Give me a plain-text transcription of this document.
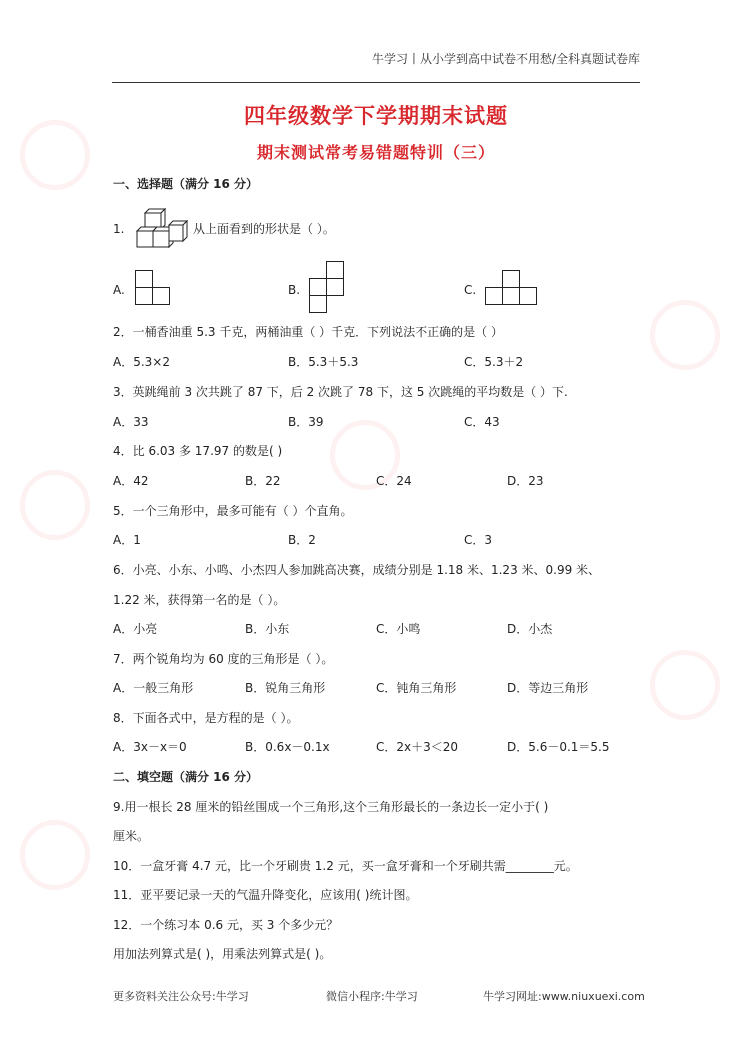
牛学习丨从小学到高中试卷不用愁/全科真题试卷库
四年级数学下学期期末试题
期末测试常考易错题特训（三）
一、选择题（满分 16 分）
1.	从上面看到的形状是（ ）。
A.	B.	C.
2．一桶香油重 5.3 千克，两桶油重（ ）千克．下列说法不正确的是（ ）
A．5.3×2	B．5.3＋5.3	C．5.3＋2
3．英跳绳前 3 次共跳了 87 下，后 2 次跳了 78 下，这 5 次跳绳的平均数是（ ）下.
A．33	B．39	C．43
4．比 6.03 多 17.97 的数是( )
A．42	B．22	C．24	D．23
5．一个三角形中，最多可能有（ ）个直角。
A．1	B．2	C．3
6．小亮、小东、小鸣、小杰四人参加跳高决赛，成绩分别是 1.18 米、1.23 米、0.99 米、
1.22 米，获得第一名的是（ ）。
A．小亮	B．小东	C．小鸣	D．小杰
7．两个锐角均为 60 度的三角形是（ ）。
A．一般三角形	B．锐角三角形	C．钝角三角形	D．等边三角形
8．下面各式中，是方程的是（ ）。
A．3x－x＝0	B．0.6x－0.1x	C．2x＋3＜20	D．5.6－0.1＝5.5
二、填空题（满分 16 分）
9.用一根长 28 厘米的铅丝围成一个三角形,这个三角形最长的一条边长一定小于( )
厘米。
10．一盒牙膏 4.7 元，比一个牙刷贵 1.2 元，买一盒牙膏和一个牙刷共需________元。
11．亚平要记录一天的气温升降变化，应该用( )统计图。
12．一个练习本 0.6 元，买 3 个多少元？
用加法列算式是( )，用乘法列算式是( )。
更多资料关注公众号:牛学习	微信小程序:牛学习	牛学习网址:www.niuxuexi.com
